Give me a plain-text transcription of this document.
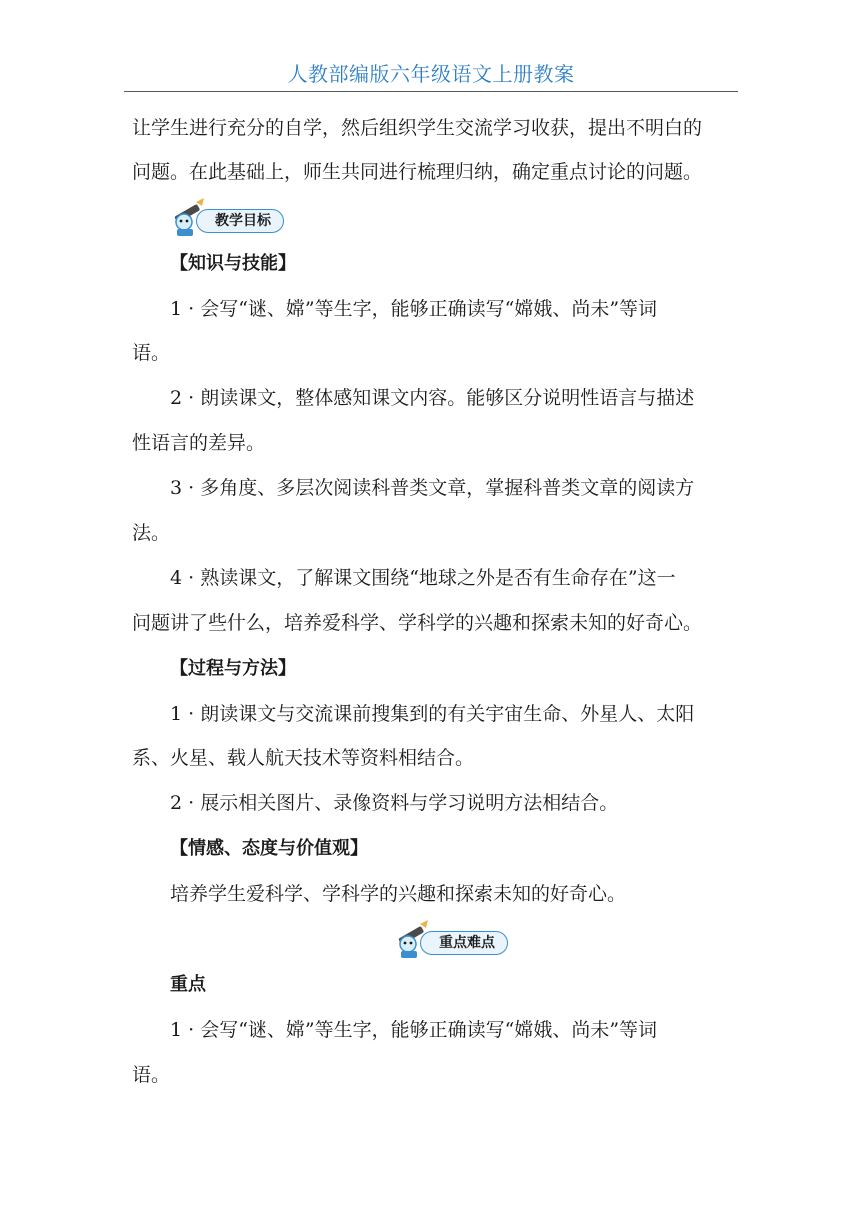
人教部编版六年级语文上册教案
让学生进行充分的自学，然后组织学生交流学习收获，提出不明白的
问题。在此基础上，师生共同进行梳理归纳，确定重点讨论的问题。
教学目标
【知识与技能】
1 · 会写“谜、嫦”等生字，能够正确读写“嫦娥、尚未”等词
语。
2 · 朗读课文，整体感知课文内容。能够区分说明性语言与描述
性语言的差异。
3 · 多角度、多层次阅读科普类文章，掌握科普类文章的阅读方
法。
4 · 熟读课文，了解课文围绕“地球之外是否有生命存在”这一
问题讲了些什么，培养爱科学、学科学的兴趣和探索未知的好奇心。
【过程与方法】
1 · 朗读课文与交流课前搜集到的有关宇宙生命、外星人、太阳
系、火星、载人航天技术等资料相结合。
2 · 展示相关图片、录像资料与学习说明方法相结合。
【情感、态度与价值观】
培养学生爱科学、学科学的兴趣和探索未知的好奇心。
重点难点
重点
1 · 会写“谜、嫦”等生字，能够正确读写“嫦娥、尚未”等词
语。
